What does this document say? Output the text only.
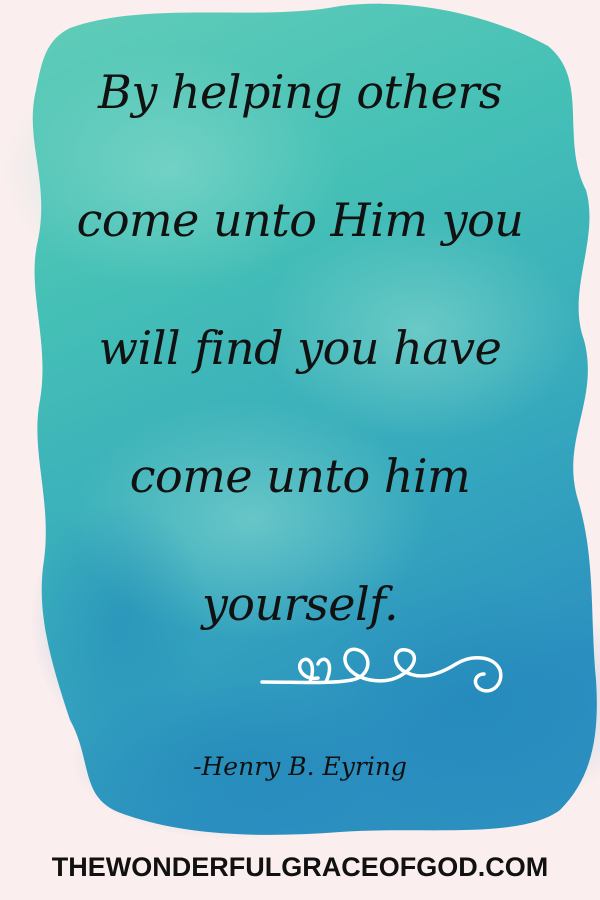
By helping others
come unto Him you
will find you have
come unto him
yourself.

-Henry B. Eyring
THEWONDERFULGRACEOFGOD.COM
